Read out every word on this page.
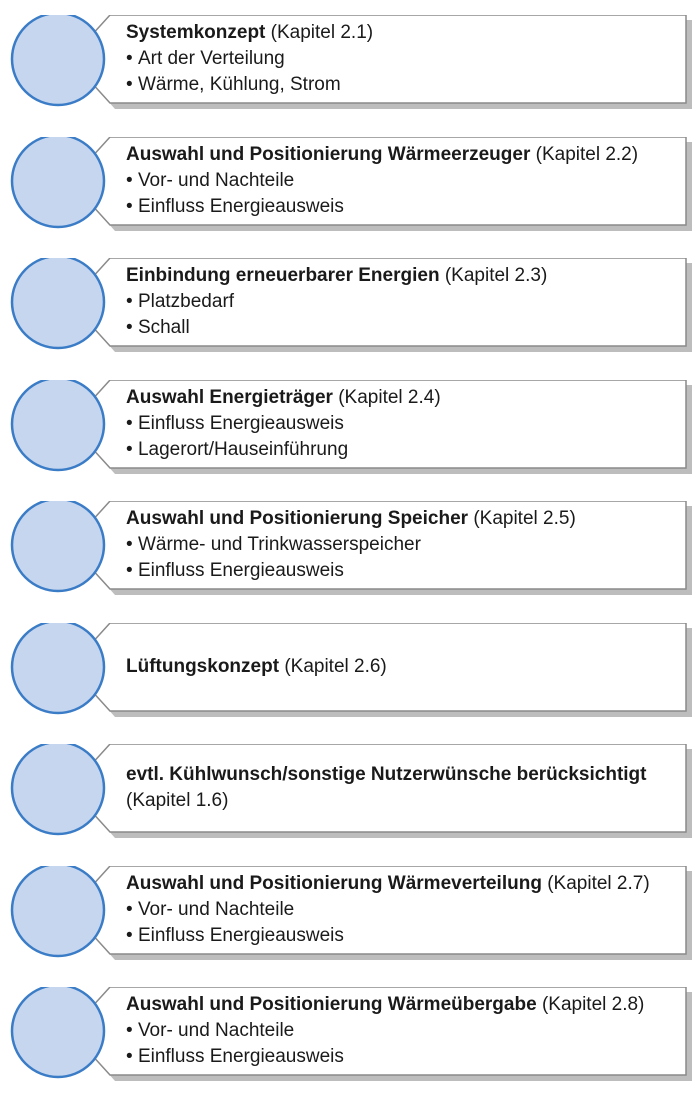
Systemkonzept (Kapitel 2.1)
• Art der Verteilung
• Wärme, Kühlung, Strom
Auswahl und Positionierung Wärmeerzeuger (Kapitel 2.2)
• Vor- und Nachteile
• Einfluss Energieausweis
Einbindung erneuerbarer Energien (Kapitel 2.3)
• Platzbedarf
• Schall
Auswahl Energieträger (Kapitel 2.4)
• Einfluss Energieausweis
• Lagerort/Hauseinführung
Auswahl und Positionierung Speicher (Kapitel 2.5)
• Wärme- und Trinkwasserspeicher
• Einfluss Energieausweis
Lüftungskonzept (Kapitel 2.6)
evtl. Kühlwunsch/sonstige Nutzerwünsche berücksichtigt (Kapitel 1.6)
Auswahl und Positionierung Wärmeverteilung (Kapitel 2.7)
• Vor- und Nachteile
• Einfluss Energieausweis
Auswahl und Positionierung Wärmeübergabe (Kapitel 2.8)
• Vor- und Nachteile
• Einfluss Energieausweis
